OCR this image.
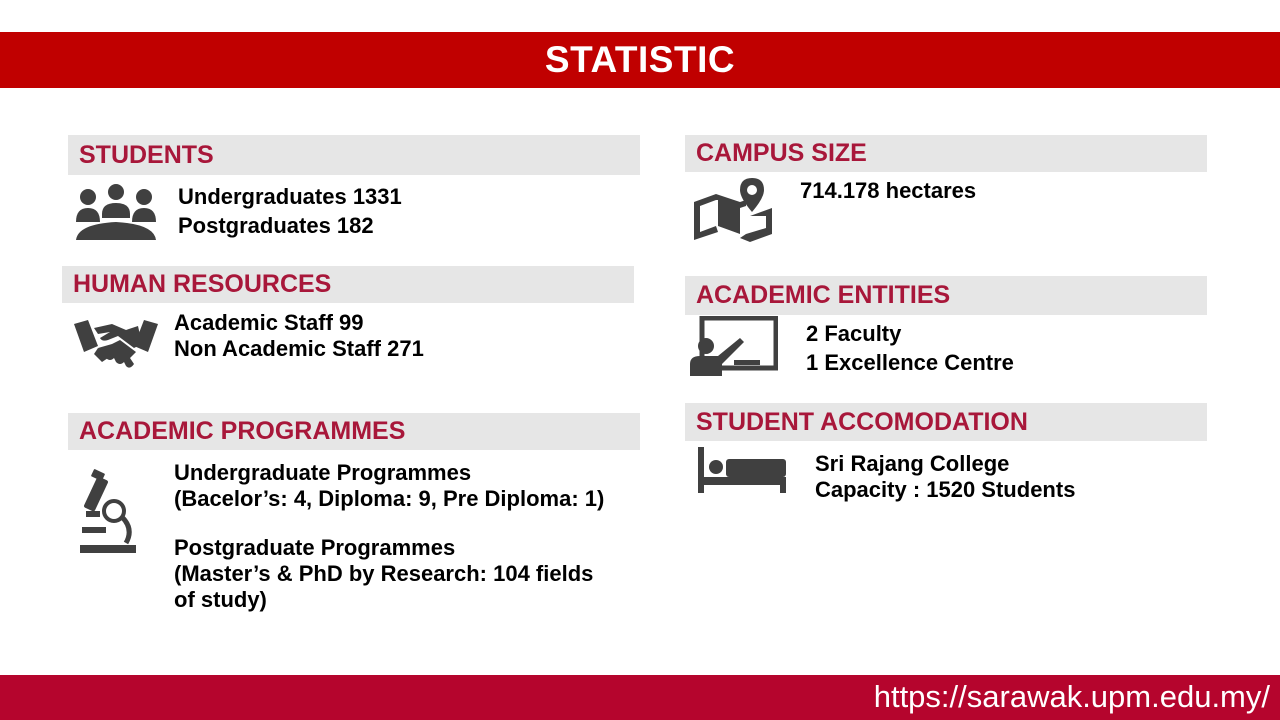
STATISTIC
STUDENTS
Undergraduates 1331
Postgraduates 182
HUMAN RESOURCES
Academic Staff 99
Non Academic Staff 271
ACADEMIC PROGRAMMES
Undergraduate Programmes
(Bacelor’s: 4, Diploma: 9, Pre Diploma: 1)
Postgraduate Programmes
(Master’s & PhD by Research: 104 fields
of study)
CAMPUS SIZE
714.178 hectares
ACADEMIC ENTITIES
2 Faculty
1 Excellence Centre
STUDENT ACCOMODATION
Sri Rajang College
Capacity : 1520 Students
https://sarawak.upm.edu.my/
